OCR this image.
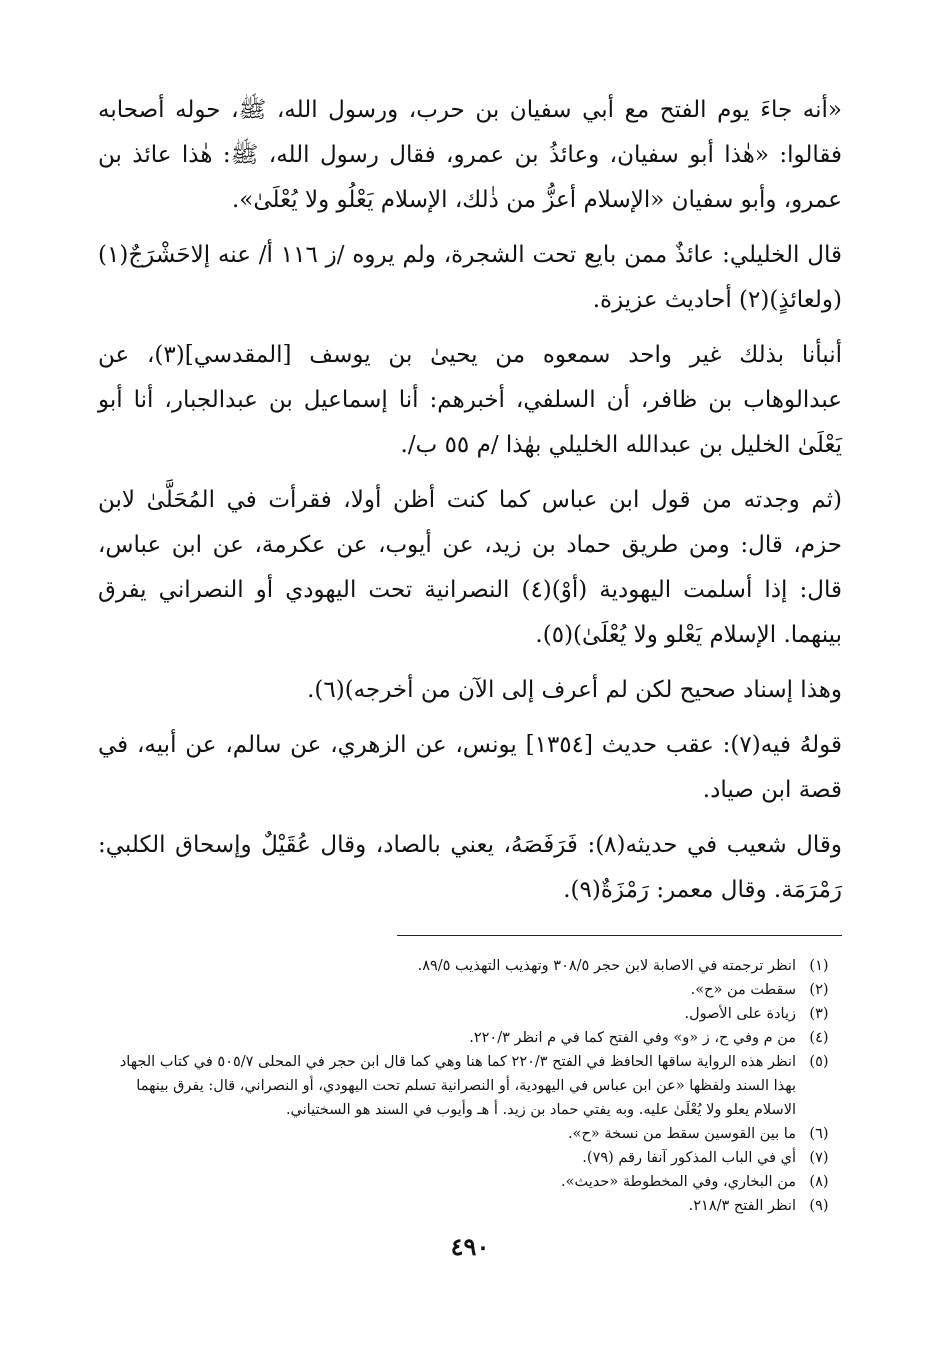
«أنه جاءَ يوم الفتح مع أبي سفيان بن حرب، ورسول الله، ﷺ، حوله أصحابه فقالوا: «هٰذا أبو سفيان، وعائذُ بن عمرو، فقال رسول الله، ﷺ: هٰذا عائذ بن عمرو، وأبو سفيان «الإسلام أعزُّ من ذٰلك، الإسلام يَعْلُو ولا يُعْلَىٰ».

قال الخليلي: عائذٌ ممن بايع تحت الشجرة، ولم يروه /ز ١١٦ أ/ عنه إلاحَشْرَجٌ(١) (ولعائذٍ)(٢) أحاديث عزيزة.

أنبأنا بذلك غير واحد سمعوه من يحيىٰ بن يوسف [المقدسي](٣)، عن عبدالوهاب بن ظافر، أن السلفي، أخبرهم: أنا إسماعيل بن عبدالجبار، أنا أبو يَعْلَىٰ الخليل بن عبدالله الخليلي بهٰذا /م ٥٥ ب/.

(ثم وجدته من قول ابن عباس كما كنت أظن أولا، فقرأت في المُحَلَّىٰ لابن حزم، قال: ومن طريق حماد بن زيد، عن أيوب، عن عكرمة، عن ابن عباس، قال: إذا أسلمت اليهودية (أوْ)(٤) النصرانية تحت اليهودي أو النصراني يفرق بينهما. الإسلام يَعْلو ولا يُعْلَىٰ)(٥).

وهذا إسناد صحيح لكن لم أعرف إلى الآن من أخرجه)(٦).

قولهُ فيه(٧): عقب حديث [١٣٥٤] يونس، عن الزهري، عن سالم، عن أبيه، في قصة ابن صياد.

وقال شعيب في حديثه(٨): فَرَفَصَهُ، يعني بالصاد، وقال عُقَيْلٌ وإسحاق الكلبي: رَمْرَمَة. وقال معمر: رَمْزَةٌ(٩).

(١)
انظر ترجمته في الاصابة لابن حجر ٣٠٨/٥ وتهذيب التهذيب ٨٩/٥.
(٢)
سقطت من «ح».
(٣)
زيادة على الأصول.
(٤)
من م وفي ح، ز «و» وفي الفتح كما في م انظر ٢٢٠/٣.
(٥)
انظر هذه الرواية ساقها الحافظ في الفتح ٢٢٠/٣ كما هنا وهي كما قال ابن حجر في المحلى ٥٠٥/٧ في كتاب الجهاد بهذا السند ولفظها «عن ابن عباس في اليهودية، أو النصرانية تسلم تحت اليهودي، أو النصراني، قال: يفرق بينهما الاسلام يعلو ولا يُعْلَىٰ عليه. وبه يفتي حماد بن زيد. أ هـ وأيوب في السند هو السختياني.
(٦)
ما بين القوسين سقط من نسخة «ح».
(٧)
أي في الباب المذكور آنفا رقم (٧٩).
(٨)
من البخاري، وفي المخطوطة «حديث».
(٩)
انظر الفتح ٢١٨/٣.
٤٩٠
